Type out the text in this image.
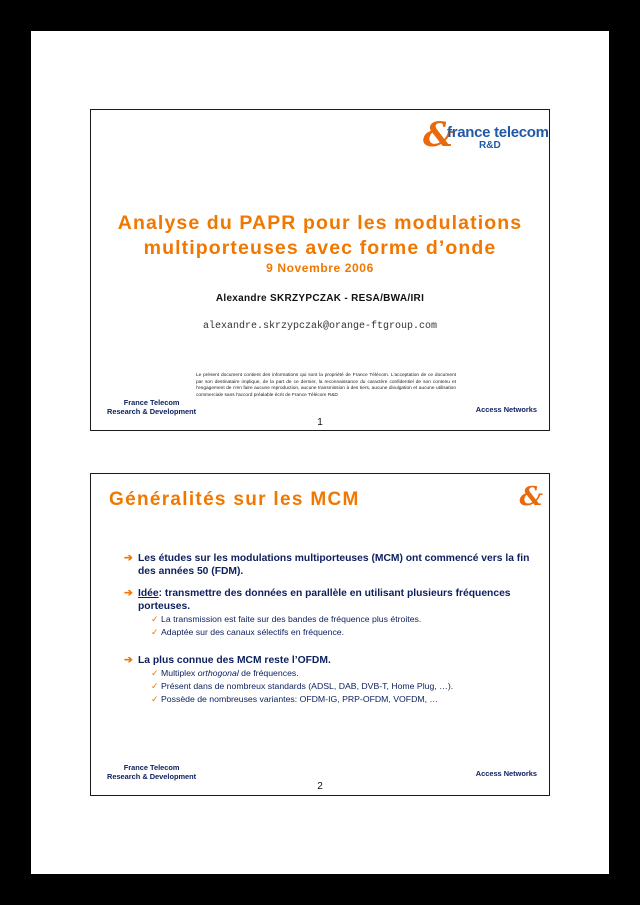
&
france telecom
R&D
Analyse du PAPR pour les modulations
multiporteuses avec forme d’onde
9 Novembre 2006
Alexandre SKRZYPCZAK - RESA/BWA/IRI
alexandre.skrzypczak@orange-ftgroup.com
Le présent document contient des informations qui sont la propriété de France Télécom. L'acceptation de ce document par son destinataire implique, de la part de ce dernier, la reconnaissance du caractère confidentiel de son contenu et l'engagement de n'en faire aucune reproduction, aucune transmission à des tiers, aucune divulgation et aucune utilisation commerciale sans l'accord préalable écrit de France Télécom R&D
France Telecom
Research & Development	Access Networks
1
Généralités sur les MCM	&
➔ Les études sur les modulations multiporteuses (MCM) ont commencé vers la fin des années 50 (FDM).
➔ Idée: transmettre des données en parallèle en utilisant plusieurs fréquences porteuses.
✓ La transmission est faite sur des bandes de fréquence plus étroites.
✓ Adaptée sur des canaux sélectifs en fréquence.
➔ La plus connue des MCM reste l’OFDM.
✓ Multiplex orthogonal de fréquences.
✓ Présent dans de nombreux standards (ADSL, DAB, DVB-T, Home Plug, …).
✓ Possède de nombreuses variantes: OFDM-IG, PRP-OFDM, VOFDM, …
France Telecom
Research & Development	Access Networks
2
